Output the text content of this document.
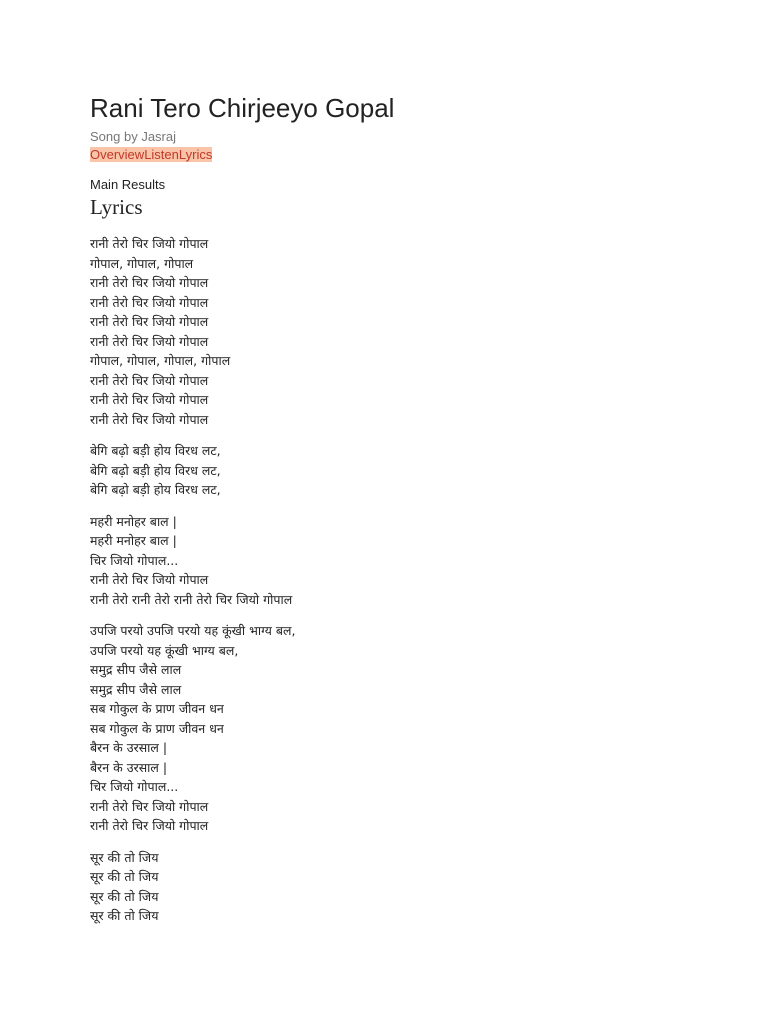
Rani Tero Chirjeeyo Gopal
Song by Jasraj
OverviewListenLyrics
Main Results
Lyrics
रानी तेरो चिर जियो गोपाल
गोपाल, गोपाल, गोपाल
रानी तेरो चिर जियो गोपाल
रानी तेरो चिर जियो गोपाल
रानी तेरो चिर जियो गोपाल
रानी तेरो चिर जियो गोपाल
गोपाल, गोपाल, गोपाल, गोपाल
रानी तेरो चिर जियो गोपाल
रानी तेरो चिर जियो गोपाल
रानी तेरो चिर जियो गोपाल
बेगि बढ़ो बड़ी होय विरध लट,
बेगि बढ़ो बड़ी होय विरध लट,
बेगि बढ़ो बड़ी होय विरध लट,
महरी मनोहर बाल |
महरी मनोहर बाल |
चिर जियो गोपाल...
रानी तेरो चिर जियो गोपाल
रानी तेरो रानी तेरो रानी तेरो चिर जियो गोपाल
उपजि परयो उपजि परयो यह कूंखी भाग्य बल,
उपजि परयो यह कूंखी भाग्य बल,
समुद्र सीप जैसे लाल
समुद्र सीप जैसे लाल
सब गोकुल के प्राण जीवन धन
सब गोकुल के प्राण जीवन धन
बैरन के उरसाल |
बैरन के उरसाल |
चिर जियो गोपाल...
रानी तेरो चिर जियो गोपाल
रानी तेरो चिर जियो गोपाल
सूर की तो जिय
सूर की तो जिय
सूर की तो जिय
सूर की तो जिय
